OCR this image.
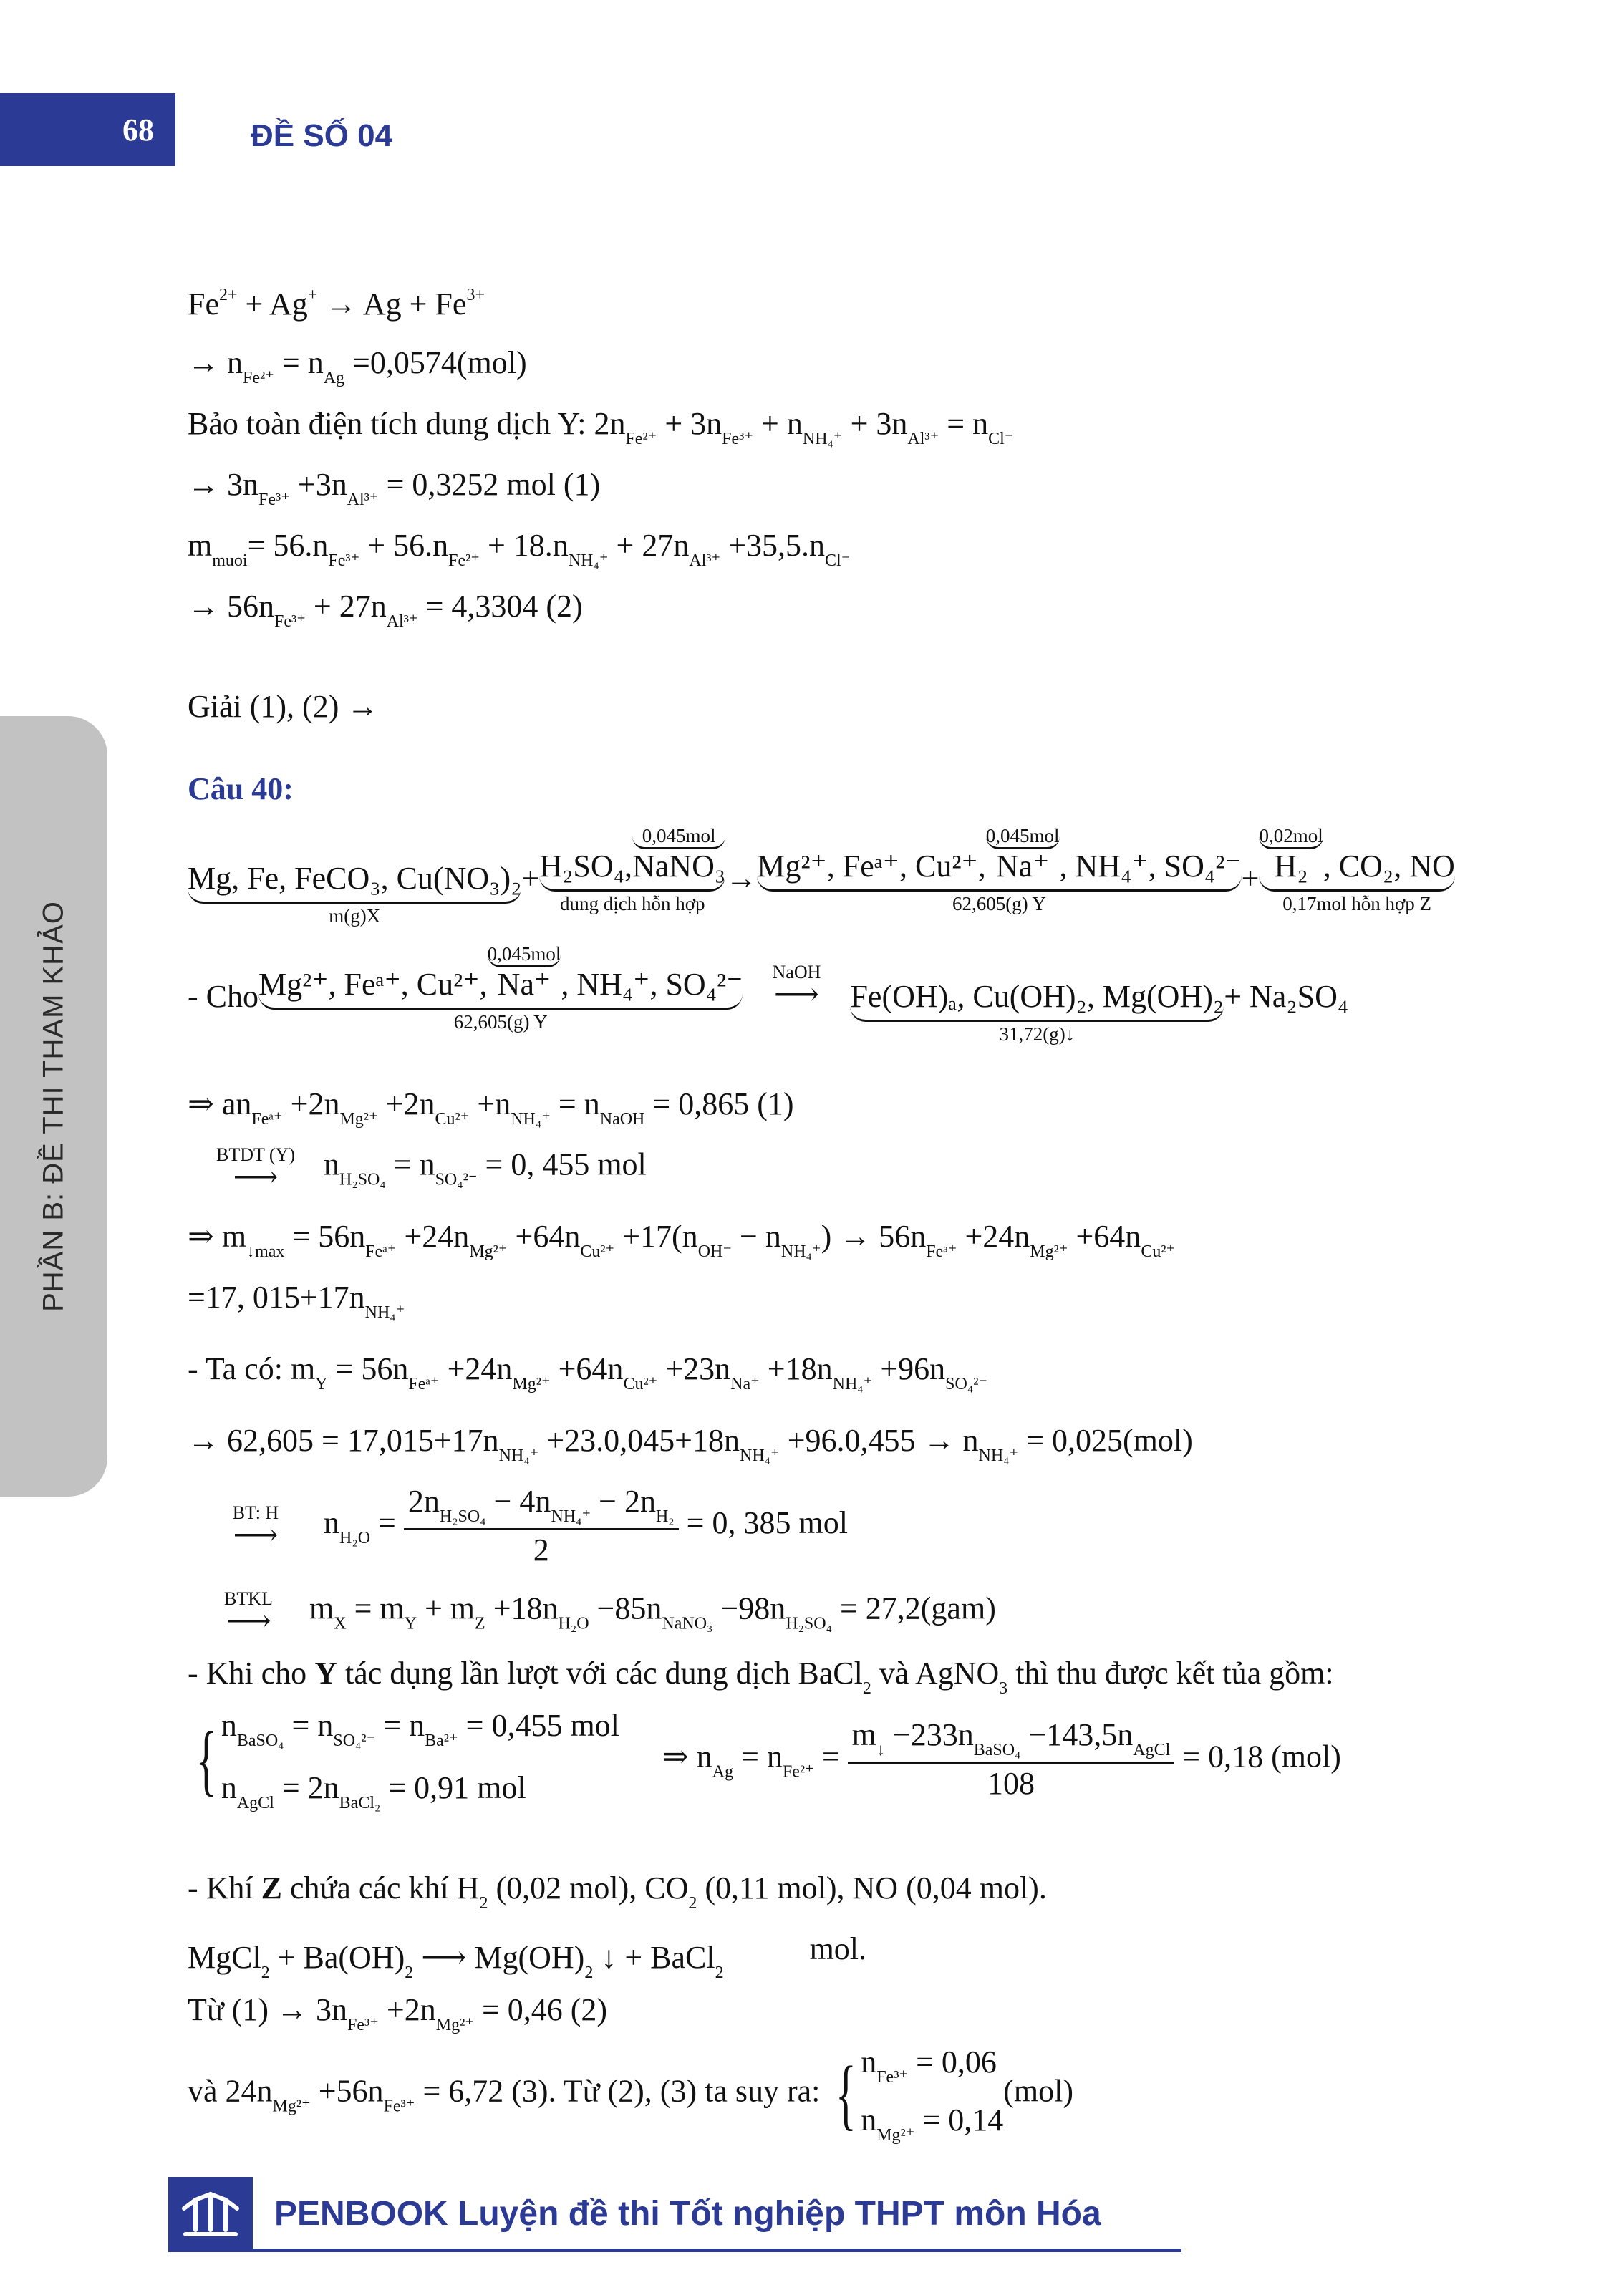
68	ĐỀ SỐ 04
PHẦN B: ĐỀ THI THAM KHẢO
$Fe^{2+} + Ag^+ \to Ag + Fe^{3+}$
→ $n_{Fe^{2+}} = n_{Ag} =0,0574(mol)$
Bảo toàn điện tích dung dịch Y: $2n_{Fe^{2+}} + 3n_{Fe^{3+}} + n_{NH_4^+} + 3n_{Al^{3+}} = n_{Cl^-}$
→ $3n_{Fe^{3+}} +3n_{Al^{3+}} = 0,3252$ mol (1)
$m_{muoi}= 56.n_{Fe^{3+}} + 56.n_{Fe^{2+}} + 18.n_{NH_4^+} + 27n_{Al^{3+}} +35,5.n_{Cl^-}$
→ $56n_{Fe^{3+}} + 27n_{Al^{3+}} = 4,3304$ (2)
Giải (1), (2) →
Câu 40:
Mg, Fe, FeCO₃, Cu(NO₃)₂
m(g)X
+ H₂SO₄,
0,045mol
NaNO₃
dung dịch hỗn hợp
→ Mg²⁺, Feᵃ⁺, Cu²⁺,
0,045mol
Na⁺ , NH₄⁺, SO₄²⁻
62,605(g) Y
+
0,02mol
H₂ , CO₂, NO
0,17mol hỗn hợp Z
- Cho Mg²⁺, Feᵃ⁺, Cu²⁺,
0,045mol
Na⁺ , NH₄⁺, SO₄²⁻
62,605(g) Y
NaOH
⟶ Fe(OH)ₐ, Cu(OH)₂, Mg(OH)₂
31,72(g)↓
+ Na₂SO₄
⇒ $an_{Feᵃ^+} +2n_{Mg^{2+}} +2n_{Cu^{2+}} +n_{NH_4^+} = n_{NaOH} = 0,865$ (1)
BTDT (Y)
⟶	$n_{H_2SO_4} = n_{SO_4^{2-}} = 0$, 455 mol
⇒ $m_{↓max} = 56n_{Feᵃ^+} +24n_{Mg^{2+}} +64n_{Cu^{2+}} +17(n_{OH^-} - n_{NH_4^+}) \to 56n_{Feᵃ^+} +24n_{Mg^{2+}} +64n_{Cu^{2+}}$
=17, $015+17n_{NH_4^+}$
- Ta có: $m_Y = 56n_{Feᵃ^+} +24n_{Mg^{2+}} +64n_{Cu^{2+}} +23n_{Na^+} +18n_{NH_4^+} +96n_{SO_4^{2-}}$
→ $62,605 = 17,015+17n_{NH_4^+} +23.0,045+18n_{NH_4^+} +96.0,455 \to n_{NH_4^+} = 0,025(mol)$
BT: H
⟶	$n_{H_2O} = \frac{2n_{H_2SO_4} - 4n_{NH_4^+} - 2n_{H_2}}{2} = 0$, 385 mol
BTKL
⟶	$m_X = m_Y + m_Z +18n_{H_2O} -85n_{NaNO_3} -98n_{H_2SO_4} = 27,2(gam)$
- Khi cho Y tác dụng lần lượt với các dung dịch BaCl$_2$ và AgNO$_3$ thì thu được kết tủa gồm:
{ $n_{BaSO_4} = n_{SO_4^{2-}} = n_{Ba^{2+}} = 0,455$ mol
$n_{AgCl} = 2n_{BaCl_2} = 0,91$ mol
⇒ $n_{Ag} = n_{Fe^{2+}} = \frac{m_↓ -233n_{BaSO_4} -143,5n_{AgCl}}{108} = 0,18$ (mol)
- Khí Z chứa các khí $H_2$ (0,02 mol), $CO_2$ (0,11 mol), NO (0,04 mol).
MgCl$_2$ + $Ba(OH)_2$ ⟶ $Mg(OH)_2$ ↓ + BaCl$_2$mol.
Từ $(1) \to 3n_{Fe^{3+}} +2n_{Mg^{2+}} = 0,46$ (2)
và $24n_{Mg^{2+}} +56n_{Fe^{3+}} = 6,72$ (3). Từ (2), (3) ta suy ra: { $n_{Fe^{3+}} = 0,06$
$n_{Mg^{2+}} = 0,14$
(mol)
PENBOOK Luyện đề thi Tốt nghiệp THPT môn Hóa
